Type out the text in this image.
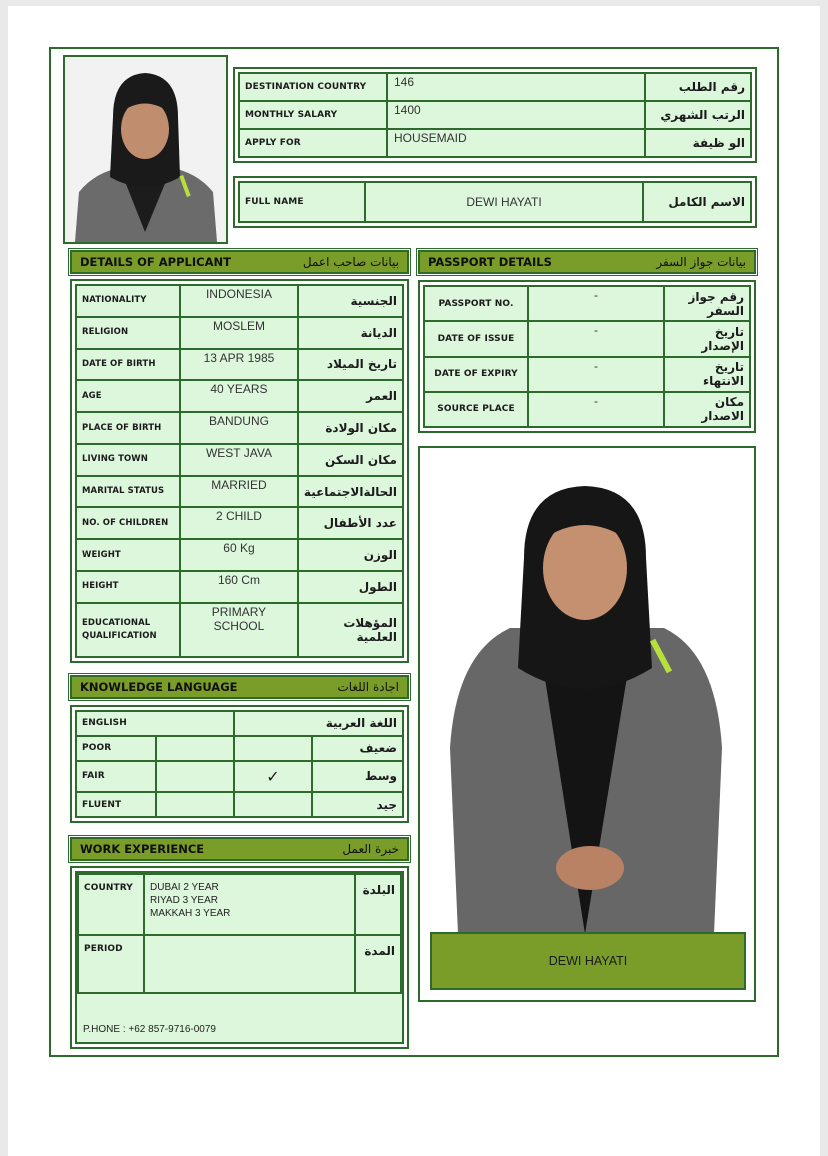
DESTINATION COUNTRY	146	رقم الطلب
MONTHLY SALARY	1400	الرتب الشهري
APPLY FOR	HOUSEMAID	الو ظيفة
FULL NAME	DEWI HAYATI	الاسم الكامل
DETAILS OF APPLICANT	بيانات صاحب اعمل
NATIONALITY	INDONESIA	الجنسية
RELIGION	MOSLEM	الديانة
DATE OF BIRTH	13 APR 1985	تاريخ الميلاد
AGE	40 YEARS	العمر
PLACE OF BIRTH	BANDUNG	مكان الولادة
LIVING TOWN	WEST JAVA	مكان السكن
MARITAL STATUS	MARRIED	الحالةالاجتماعية
NO. OF CHILDREN	2 CHILD	عدد الأطفال
WEIGHT	60 Kg	الوزن
HEIGHT	160 Cm	الطول
EDUCATIONAL QUALIFICATION	PRIMARY SCHOOL	المؤهلات العلمية
PASSPORT DETAILS	بيانات جواز السفر
PASSPORT NO.	-	رقم جواز السفر
DATE OF ISSUE	-	تاريخ الإصدار
DATE OF EXPIRY	-	تاريخ الانتهاء
SOURCE PLACE	-	مكان الاصدار
KNOWLEDGE LANGUAGE	اجادة اللغات
ENGLISH		اللغة العربية	
POOR			ضعيف
FAIR		✓	وسط
FLUENT			جيد
WORK EXPERIENCE	خبرة العمل
COUNTRY	DUBAI 2 YEAR
RIYAD 3 YEAR
MAKKAH 3 YEAR	البلدة
PERIOD		المدة
P.HONE : +62 857-9716-0079
DEWI HAYATI
